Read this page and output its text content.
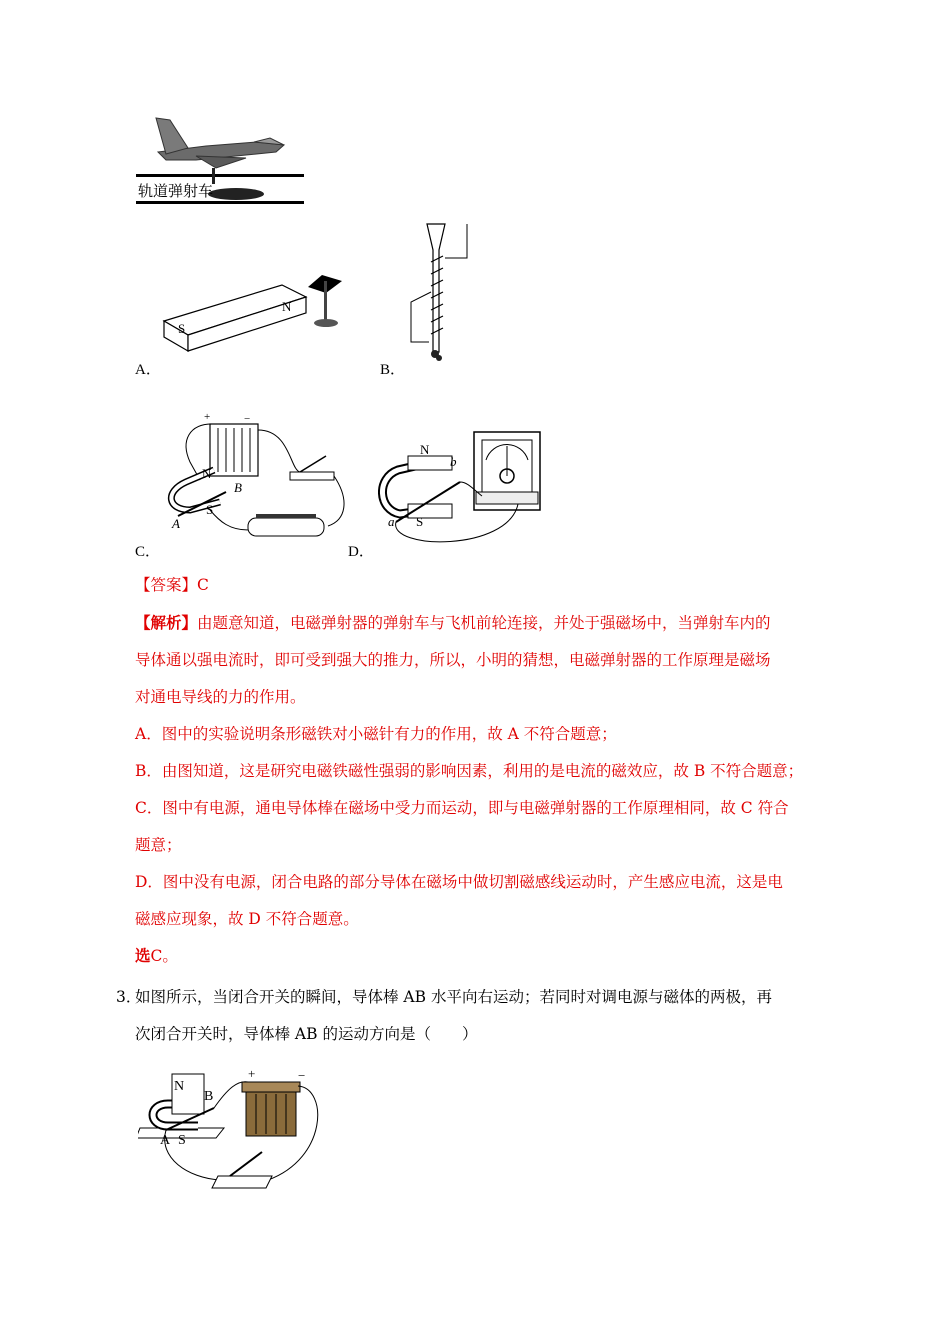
轨道弹射车
S
N
A．	B．
+	−
N
S
A
B
C．
N
S
a
b
D．
【答案】C
【解析】由题意知道，电磁弹射器的弹射车与飞机前轮连接，并处于强磁场中，当弹射车内的
导体通以强电流时，即可受到强大的推力，所以，小明的猜想，电磁弹射器的工作原理是磁场
对通电导线的力的作用。
A．图中的实验说明条形磁铁对小磁针有力的作用，故 A 不符合题意；
B．由图知道，这是研究电磁铁磁性强弱的影响因素，利用的是电流的磁效应，故 B 不符合题意；
C．图中有电源，通电导体棒在磁场中受力而运动，即与电磁弹射器的工作原理相同，故 C 符合
题意；
D．图中没有电源，闭合电路的部分导体在磁场中做切割磁感线运动时，产生感应电流，这是电
磁感应现象，故 D 不符合题意。
选C。
3．
如图所示，当闭合开关的瞬间，导体棒 AB 水平向右运动；若同时对调电源与磁体的两极，再
次闭合开关时，导体棒 AB 的运动方向是（　　）
N
B
A S
+	−
